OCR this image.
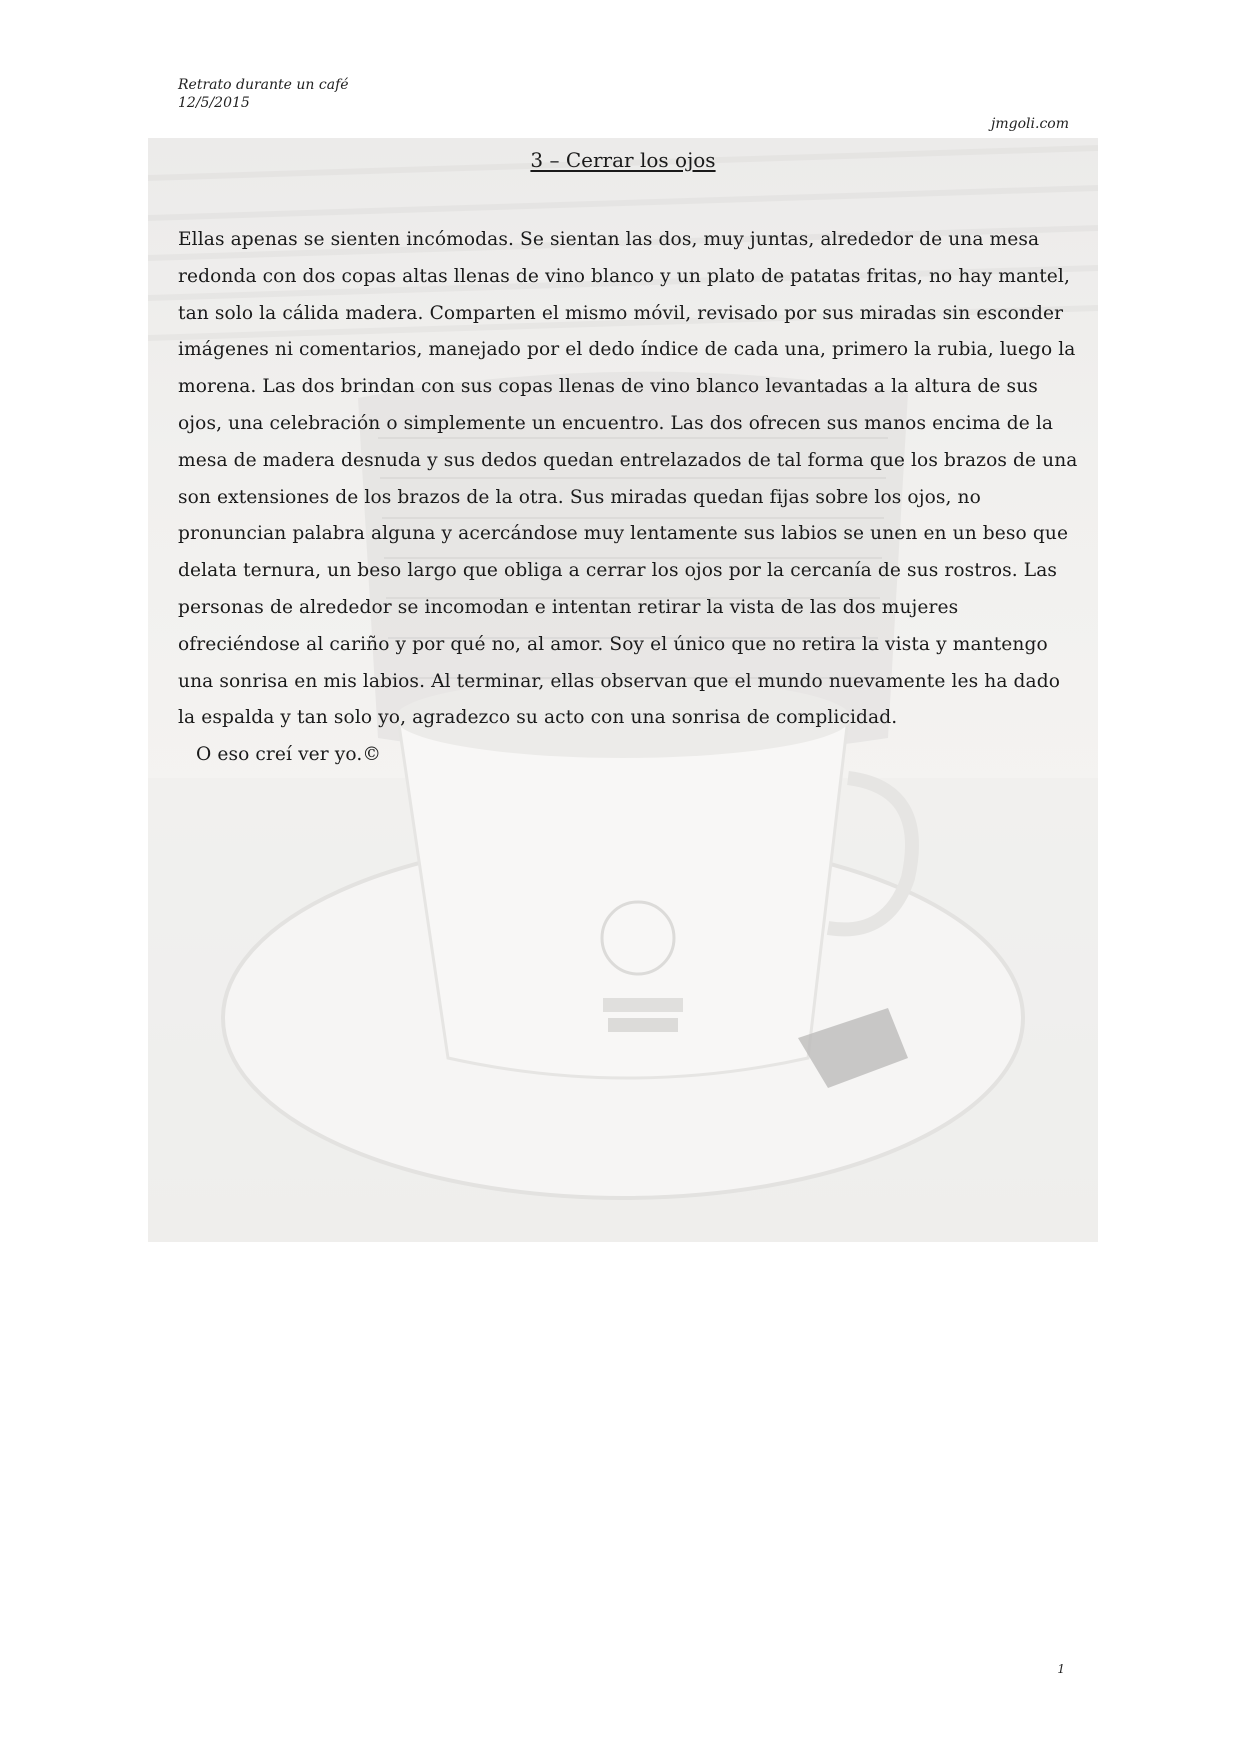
Retrato durante un café
12/5/2015
jmgoli.com
3 – Cerrar los ojos

Ellas apenas se sienten incómodas. Se sientan las dos, muy juntas, alrededor de una mesa redonda con dos copas altas llenas de vino blanco y un plato de patatas fritas, no hay mantel, tan solo la cálida madera. Comparten el mismo móvil, revisado por sus miradas sin esconder imágenes ni comentarios, manejado por el dedo índice de cada una, primero la rubia, luego la morena. Las dos brindan con sus copas llenas de vino blanco levantadas a la altura de sus ojos, una celebración o simplemente un encuentro. Las dos ofrecen sus manos encima de la mesa de madera desnuda y sus dedos quedan entrelazados de tal forma que los brazos de una son extensiones de los brazos de la otra. Sus miradas quedan fijas sobre los ojos, no pronuncian palabra alguna y acercándose muy lentamente sus labios se unen en un beso que delata ternura, un beso largo que obliga a cerrar los ojos por la cercanía de sus rostros. Las personas de alrededor se incomodan e intentan retirar la vista de las dos mujeres ofreciéndose al cariño y por qué no, al amor. Soy el único que no retira la vista y mantengo una sonrisa en mis labios. Al terminar, ellas observan que el mundo nuevamente les ha dado la espalda y tan solo yo, agradezco su acto con una sonrisa de complicidad.

O eso creí ver yo.©

1
